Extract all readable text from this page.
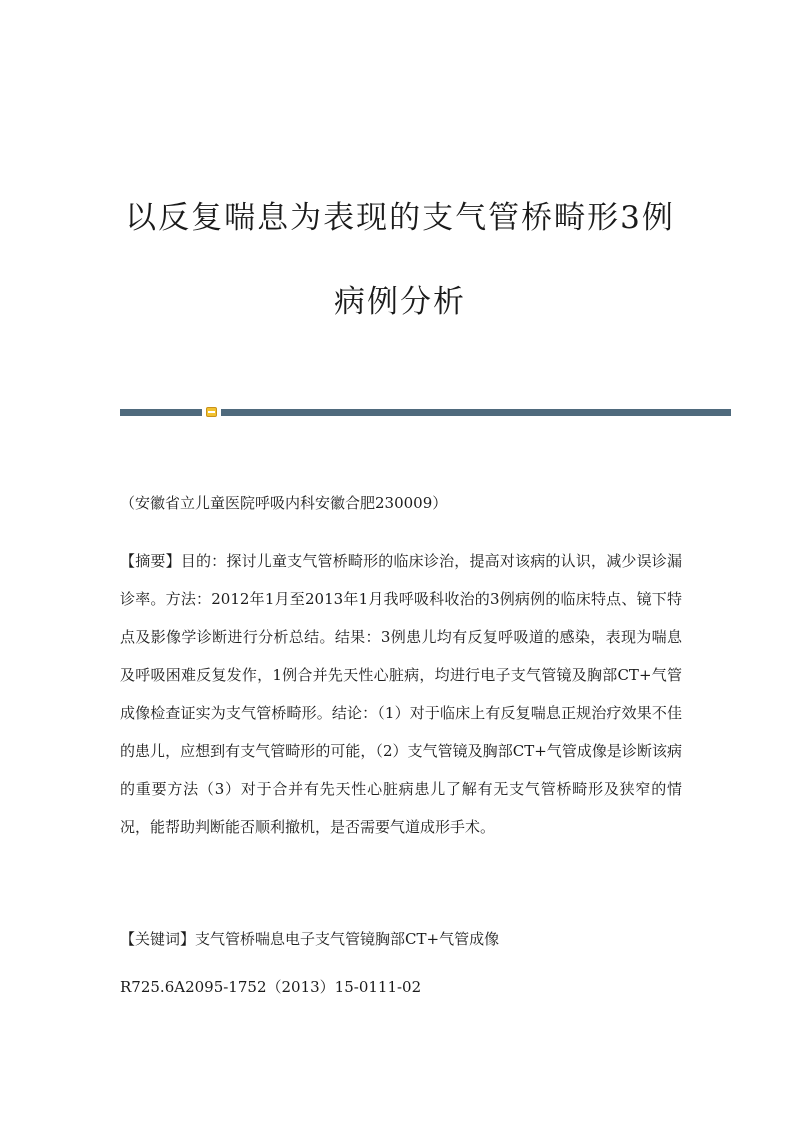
以反复喘息为表现的支气管桥畸形3例
病例分析
（安徽省立儿童医院呼吸内科安徽合肥230009）
【摘要】目的：探讨儿童支气管桥畸形的临床诊治，提高对该病的认识，减少误诊漏诊率。方法：2012年1月至2013年1月我呼吸科收治的3例病例的临床特点、镜下特点及影像学诊断进行分析总结。结果：3例患儿均有反复呼吸道的感染，表现为喘息及呼吸困难反复发作，1例合并先天性心脏病，均进行电子支气管镜及胸部CT+气管成像检查证实为支气管桥畸形。结论：（1）对于临床上有反复喘息正规治疗效果不佳的患儿，应想到有支气管畸形的可能，（2）支气管镜及胸部CT+气管成像是诊断该病的重要方法（3）对于合并有先天性心脏病患儿了解有无支气管桥畸形及狭窄的情况，能帮助判断能否顺利撤机，是否需要气道成形手术。
【关键词】支气管桥喘息电子支气管镜胸部CT+气管成像
R725.6A2095-1752（2013）15-0111-02
